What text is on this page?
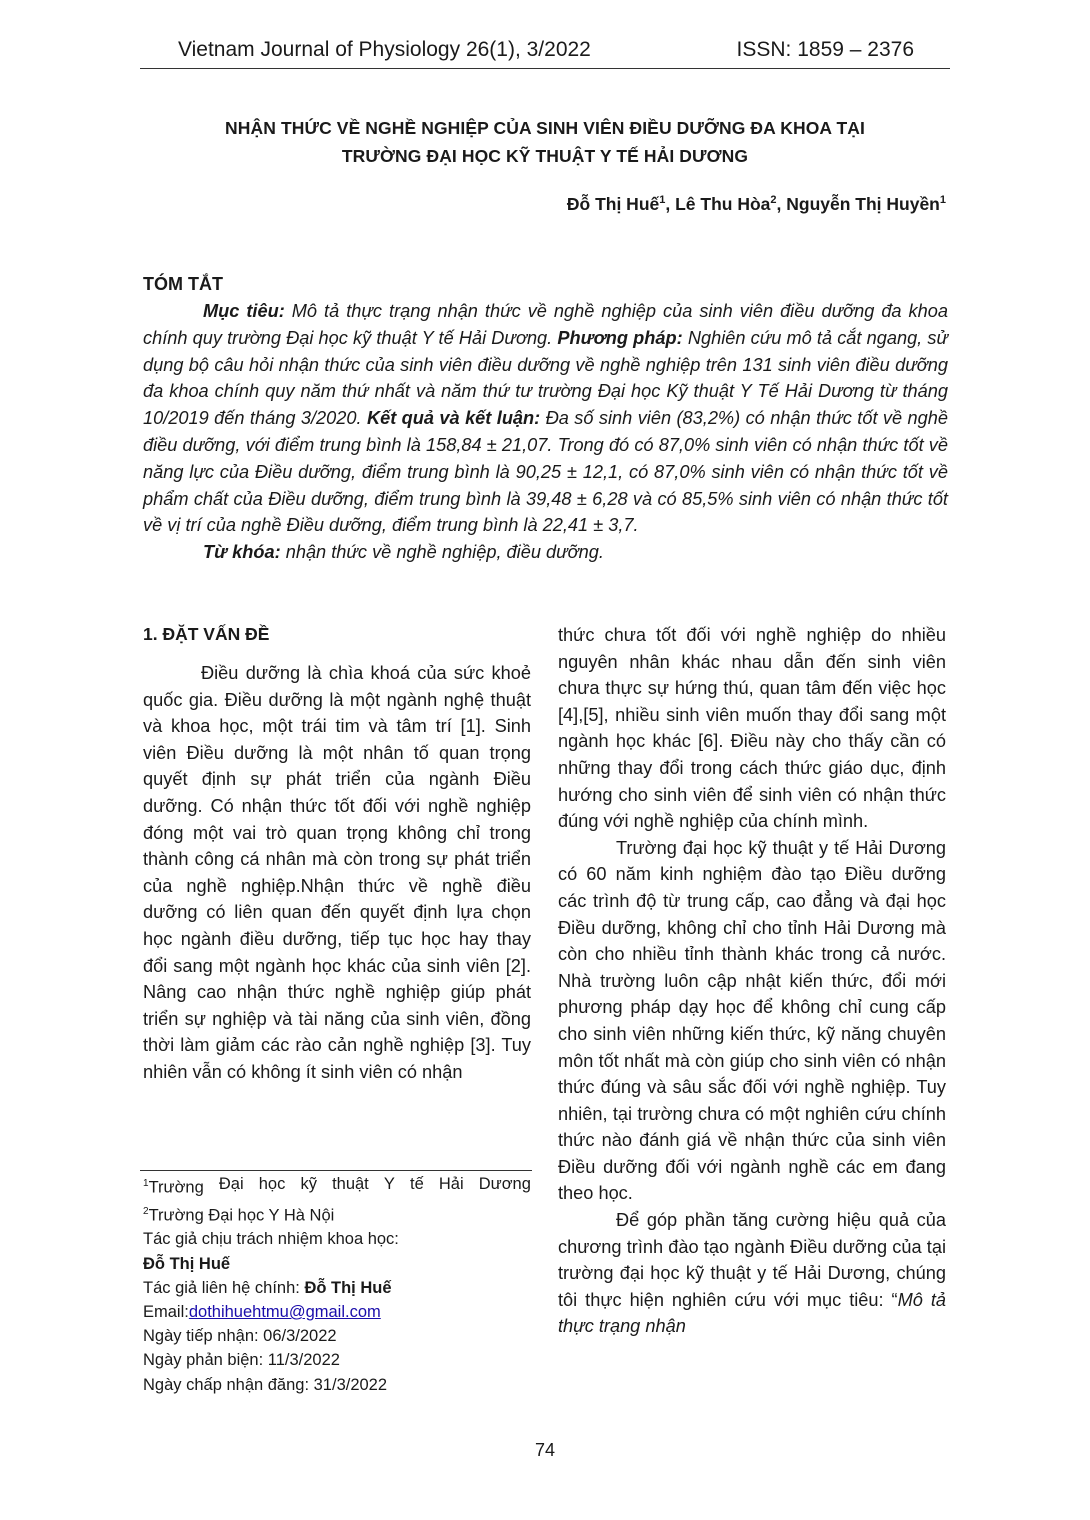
Vietnam Journal of Physiology 26(1), 3/2022	ISSN: 1859 – 2376
NHẬN THỨC VỀ NGHỀ NGHIỆP CỦA SINH VIÊN ĐIỀU DƯỠNG ĐA KHOA TẠI
TRƯỜNG ĐẠI HỌC KỸ THUẬT Y TẾ HẢI DƯƠNG
Đỗ Thị Huế$^1$, Lê Thu Hòa$^2$, Nguyễn Thị Huyền$^1$
TÓM TẮT

Mục tiêu: Mô tả thực trạng nhận thức về nghề nghiệp của sinh viên điều dưỡng đa khoa chính quy trường Đại học kỹ thuật Y tế Hải Dương. Phương pháp: Nghiên cứu mô tả cắt ngang, sử dụng bộ câu hỏi nhận thức của sinh viên điều dưỡng về nghề nghiệp trên 131 sinh viên điều dưỡng đa khoa chính quy năm thứ nhất và năm thứ tư trường Đại học Kỹ thuật Y Tế Hải Dương từ tháng 10/2019 đến tháng 3/2020. Kết quả và kết luận: Đa số sinh viên (83,2%) có nhận thức tốt về nghề điều dưỡng, với điểm trung bình là 158,84 ± 21,07. Trong đó có 87,0% sinh viên có nhận thức tốt về năng lực của Điều dưỡng, điểm trung bình là 90,25 ± 12,1, có 87,0% sinh viên có nhận thức tốt về phẩm chất của Điều dưỡng, điểm trung bình là 39,48 ± 6,28 và có 85,5% sinh viên có nhận thức tốt về vị trí của nghề Điều dưỡng, điểm trung bình là 22,41 ± 3,7.

Từ khóa: nhận thức về nghề nghiệp, điều dưỡng.

1. ĐẶT VẤN ĐỀ

Điều dưỡng là chìa khoá của sức khoẻ quốc gia. Điều dưỡng là một ngành nghệ thuật và khoa học, một trái tim và tâm trí [1]. Sinh viên Điều dưỡng là một nhân tố quan trọng quyết định sự phát triển của ngành Điều dưỡng. Có nhận thức tốt đối với nghề nghiệp đóng một vai trò quan trọng không chỉ trong thành công cá nhân mà còn trong sự phát triển của nghề nghiệp.Nhận thức về nghề điều dưỡng có liên quan đến quyết định lựa chọn học ngành điều dưỡng, tiếp tục học hay thay đổi sang một ngành học khác của sinh viên [2]. Nâng cao nhận thức nghề nghiệp giúp phát triển sự nghiệp và tài năng của sinh viên, đồng thời làm giảm các rào cản nghề nghiệp [3]. Tuy nhiên vẫn có không ít sinh viên có nhận

thức chưa tốt đối với nghề nghiệp do nhiều nguyên nhân khác nhau dẫn đến sinh viên chưa thực sự hứng thú, quan tâm đến việc học [4],[5], nhiều sinh viên muốn thay đổi sang một ngành học khác [6]. Điều này cho thấy cần có những thay đổi trong cách thức giáo dục, định hướng cho sinh viên để sinh viên có nhận thức đúng với nghề nghiệp của chính mình.

Trường đại học kỹ thuật y tế Hải Dương có 60 năm kinh nghiệm đào tạo Điều dưỡng các trình độ từ trung cấp, cao đẳng và đại học Điều dưỡng, không chỉ cho tỉnh Hải Dương mà còn cho nhiều tỉnh thành khác trong cả nước. Nhà trường luôn cập nhật kiến thức, đổi mới phương pháp dạy học để không chỉ cung cấp cho sinh viên những kiến thức, kỹ năng chuyên môn tốt nhất mà còn giúp cho sinh viên có nhận thức đúng và sâu sắc đối với nghề nghiệp. Tuy nhiên, tại trường chưa có một nghiên cứu chính thức nào đánh giá về nhận thức của sinh viên Điều dưỡng đối với ngành nghề các em đang theo học.

Để góp phần tăng cường hiệu quả của chương trình đào tạo ngành Điều dưỡng của tại trường đại học kỹ thuật y tế Hải Dương, chúng tôi thực hiện nghiên cứu với mục tiêu: “Mô tả thực trạng nhận

$^1$Trường Đại học kỹ thuật Y tế Hải Dương
$^2$Trường Đại học Y Hà Nội
Tác giả chịu trách nhiệm khoa học:
Đỗ Thị Huế
Tác giả liên hệ chính: Đỗ Thị Huế
Email:dothihuehtmu@gmail.com
Ngày tiếp nhận: 06/3/2022
Ngày phản biện: 11/3/2022
Ngày chấp nhận đăng: 31/3/2022
74
